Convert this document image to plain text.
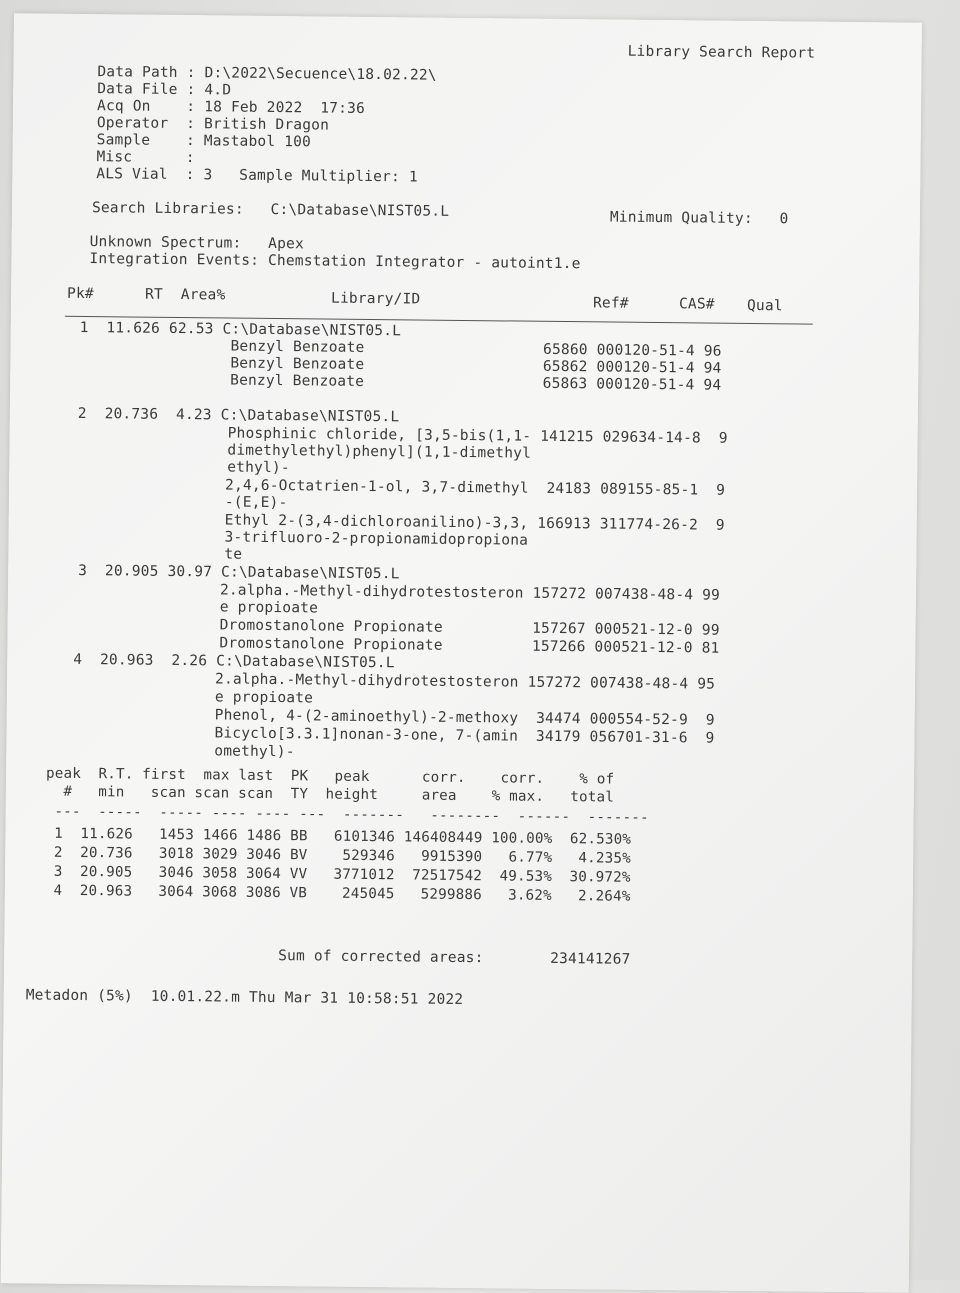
Library Search Report
Data Path : D:\2022\Secuence\18.02.22\
Data File : 4.D
Acq On    : 18 Feb 2022  17:36
Operator  : British Dragon
Sample    : Mastabol 100
Misc      :
ALS Vial  : 3   Sample Multiplier: 1
Search Libraries:   C:\Database\NIST05.L	Minimum Quality:   0
Unknown Spectrum:   Apex
Integration Events: Chemstation Integrator - autoint1.e
Pk#	RT  Area%	Library/ID	Ref#	CAS# Qual
1  11.626 62.53 C:\Database\NIST05.L
Benzyl Benzoate                    65860 000120-51-4 96
Benzyl Benzoate                    65862 000120-51-4 94
Benzyl Benzoate                    65863 000120-51-4 94
2  20.736  4.23 C:\Database\NIST05.L
Phosphinic chloride, [3,5-bis(1,1- 141215 029634-14-8  9
dimethylethyl)phenyl](1,1-dimethyl
ethyl)-
2,4,6-Octatrien-1-ol, 3,7-dimethyl  24183 089155-85-1  9
-(E,E)-
Ethyl 2-(3,4-dichloroanilino)-3,3, 166913 311774-26-2  9
3-trifluoro-2-propionamidopropiona
te
3  20.905 30.97 C:\Database\NIST05.L
2.alpha.-Methyl-dihydrotestosteron 157272 007438-48-4 99
e propioate
Dromostanolone Propionate          157267 000521-12-0 99
Dromostanolone Propionate          157266 000521-12-0 81
4  20.963  2.26 C:\Database\NIST05.L
2.alpha.-Methyl-dihydrotestosteron 157272 007438-48-4 95
e propioate
Phenol, 4-(2-aminoethyl)-2-methoxy  34474 000554-52-9  9
Bicyclo[3.3.1]nonan-3-one, 7-(amin  34179 056701-31-6  9
omethyl)-
peak  R.T. first  max last  PK   peak      corr.    corr.    % of
#   min   scan scan scan  TY  height     area    % max.   total
---  -----  ----- ---- ---- ---  -------   --------  ------  -------
1  11.626   1453 1466 1486 BB   6101346 146408449 100.00%  62.530%
2  20.736   3018 3029 3046 BV    529346   9915390   6.77%   4.235%
3  20.905   3046 3058 3064 VV   3771012  72517542  49.53%  30.972%
4  20.963   3064 3068 3086 VB    245045   5299886   3.62%   2.264%
Sum of corrected areas:	234141267
Metadon (5%)  10.01.22.m Thu Mar 31 10:58:51 2022
